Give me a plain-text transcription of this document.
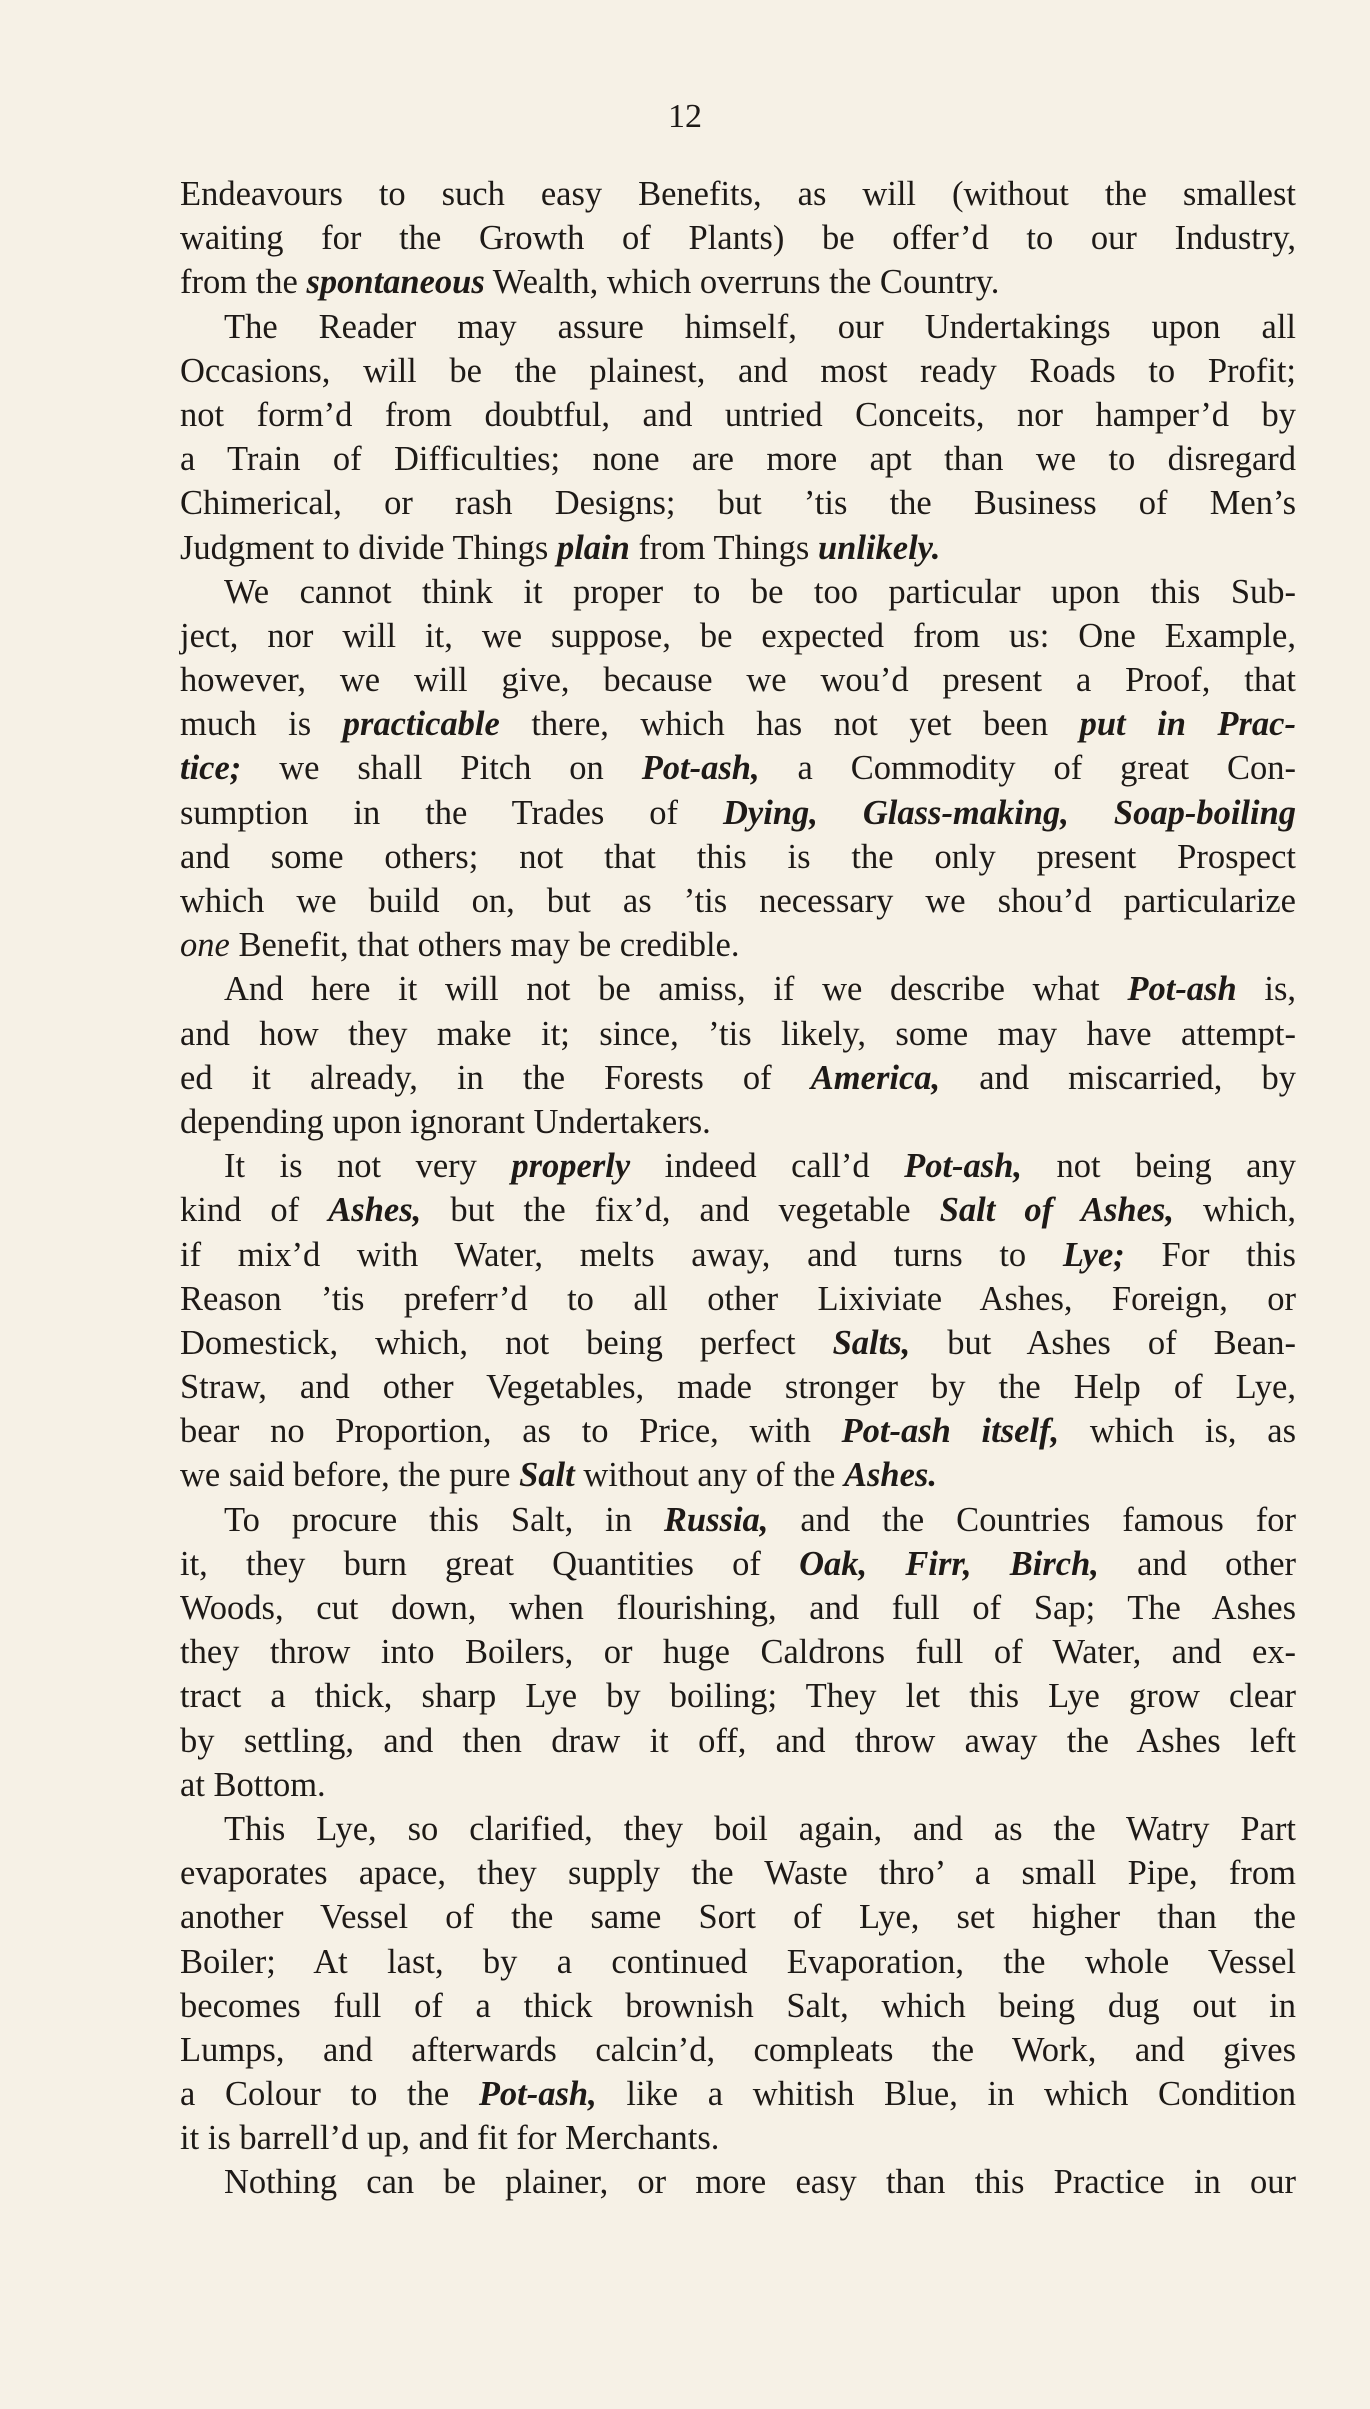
12
Endeavours to such easy Benefits, as will (without the smallest
waiting for the Growth of Plants) be offer’d to our Industry,
from the spontaneous Wealth, which overruns the Country.
The Reader may assure himself, our Undertakings upon all
Occasions, will be the plainest, and most ready Roads to Profit;
not form’d from doubtful, and untried Conceits, nor hamper’d by
a Train of Difficulties; none are more apt than we to disregard
Chimerical, or rash Designs; but ’tis the Business of Men’s
Judgment to divide Things plain from Things unlikely.
We cannot think it proper to be too particular upon this Sub-
ject, nor will it, we suppose, be expected from us: One Example,
however, we will give, because we wou’d present a Proof, that
much is practicable there, which has not yet been put in Prac-
tice; we shall Pitch on Pot-ash, a Commodity of great Con-
sumption in the Trades of Dying, Glass-making, Soap-boiling
and some others; not that this is the only present Prospect
which we build on, but as ’tis necessary we shou’d particularize
one Benefit, that others may be credible.
And here it will not be amiss, if we describe what Pot-ash is,
and how they make it; since, ’tis likely, some may have attempt-
ed it already, in the Forests of America, and miscarried, by
depending upon ignorant Undertakers.
It is not very properly indeed call’d Pot-ash, not being any
kind of Ashes, but the fix’d, and vegetable Salt of Ashes, which,
if mix’d with Water, melts away, and turns to Lye; For this
Reason ’tis preferr’d to all other Lixiviate Ashes, Foreign, or
Domestick, which, not being perfect Salts, but Ashes of Bean-
Straw, and other Vegetables, made stronger by the Help of Lye,
bear no Proportion, as to Price, with Pot-ash itself, which is, as
we said before, the pure Salt without any of the Ashes.
To procure this Salt, in Russia, and the Countries famous for
it, they burn great Quantities of Oak, Firr, Birch, and other
Woods, cut down, when flourishing, and full of Sap; The Ashes
they throw into Boilers, or huge Caldrons full of Water, and ex-
tract a thick, sharp Lye by boiling; They let this Lye grow clear
by settling, and then draw it off, and throw away the Ashes left
at Bottom.
This Lye, so clarified, they boil again, and as the Watry Part
evaporates apace, they supply the Waste thro’ a small Pipe, from
another Vessel of the same Sort of Lye, set higher than the
Boiler; At last, by a continued Evaporation, the whole Vessel
becomes full of a thick brownish Salt, which being dug out in
Lumps, and afterwards calcin’d, compleats the Work, and gives
a Colour to the Pot-ash, like a whitish Blue, in which Condition
it is barrell’d up, and fit for Merchants.
Nothing can be plainer, or more easy than this Practice in our
